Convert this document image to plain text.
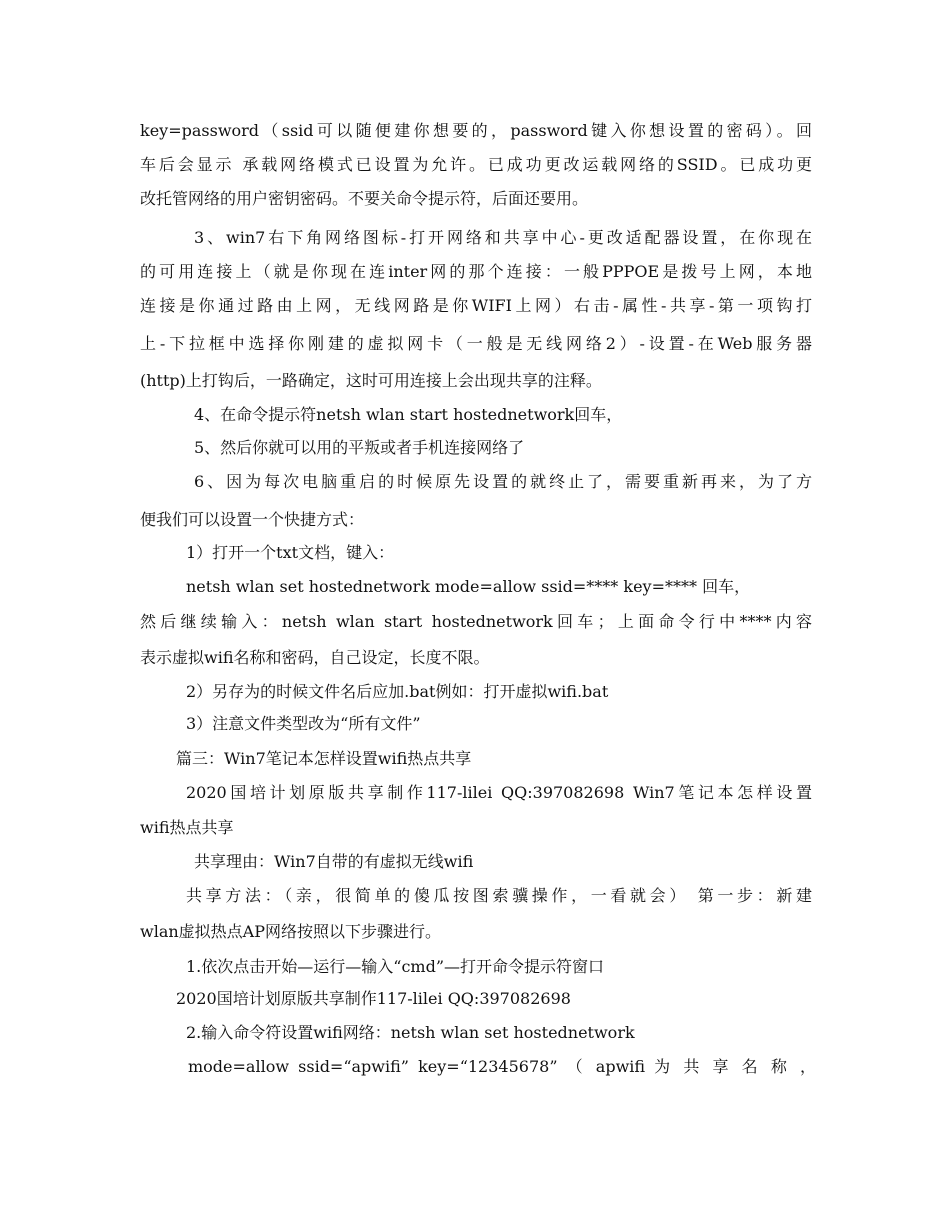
key=password（ssid可以随便建你想要的，password键入你想设置的密码）。回
车后会显示 承载网络模式已设置为允许。已成功更改运载网络的SSID。已成功更
改托管网络的用户密钥密码。不要关命令提示符，后面还要用。
3、win7右下角网络图标-打开网络和共享中心-更改适配器设置，在你现在
的可用连接上（就是你现在连inter网的那个连接：一般PPPOE是拨号上网，本地
连接是你通过路由上网，无线网路是你WIFI上网）右击-属性-共享-第一项钩打
上-下拉框中选择你刚建的虚拟网卡（一般是无线网络2）-设置-在Web服务器
(http)上打钩后，一路确定，这时可用连接上会出现共享的注释。
4、在命令提示符netsh wlan start hostednetwork回车，
5、然后你就可以用的平叛或者手机连接网络了
6、因为每次电脑重启的时候原先设置的就终止了，需要重新再来，为了方
便我们可以设置一个快捷方式：
1）打开一个txt文档，键入：
netsh wlan set hostednetwork mode=allow ssid=**** key=**** 回车，
然后继续输入：netsh wlan start hostednetwork回车；上面命令行中****内容
表示虚拟wifi名称和密码，自己设定，长度不限。
2）另存为的时候文件名后应加.bat例如：打开虚拟wifi.bat
3）注意文件类型改为“所有文件”
篇三：Win7笔记本怎样设置wifi热点共享
2020国培计划原版共享制作117-lilei QQ:397082698 Win7笔记本怎样设置
wifi热点共享
共享理由：Win7自带的有虚拟无线wifi
共享方法：（亲，很简单的傻瓜按图索骥操作，一看就会） 第一步：新建
wlan虚拟热点AP网络按照以下步骤进行。
1.依次点击开始—运行—输入“cmd”—打开命令提示符窗口
2020国培计划原版共享制作117-lilei QQ:397082698
2.输入命令符设置wifi网络：netsh wlan set hostednetwork
mode=allow ssid=“apwifi” key=“12345678” （ apwifi 为 共 享 名 称 ，
